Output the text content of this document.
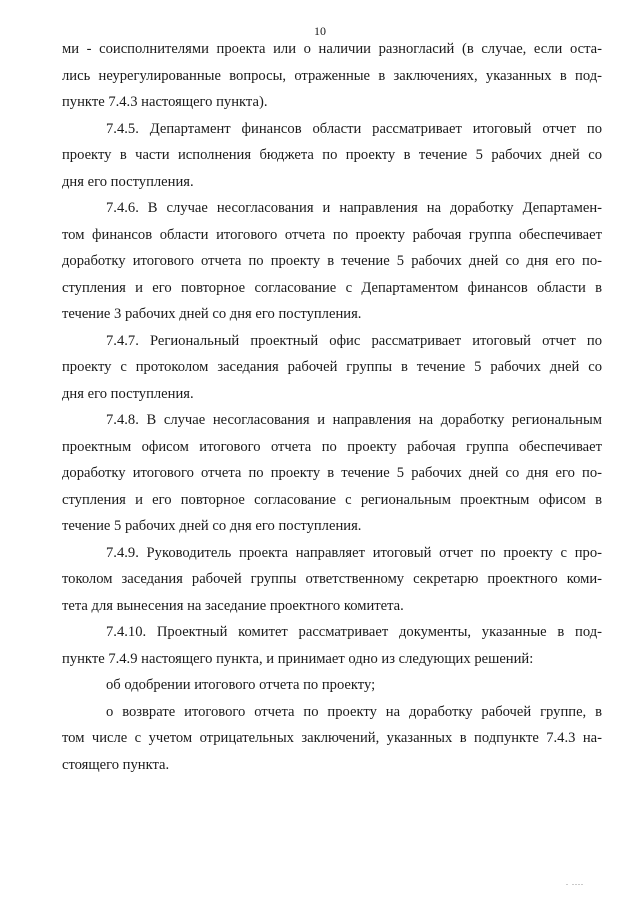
10
ми - соисполнителями проекта или о наличии разногласий (в случае, если оста-
лись неурегулированные вопросы, отраженные в заключениях, указанных в под-
пункте 7.4.3 настоящего пункта).
7.4.5. Департамент финансов области рассматривает итоговый отчет по
проекту в части исполнения бюджета по проекту в течение 5 рабочих дней со
дня его поступления.
7.4.6. В случае несогласования и направления на доработку Департамен-
том финансов области итогового отчета по проекту рабочая группа обеспечивает
доработку итогового отчета по проекту в течение 5 рабочих дней со дня его по-
ступления и его повторное согласование с Департаментом финансов области в
течение 3 рабочих дней со дня его поступления.
7.4.7. Региональный проектный офис рассматривает итоговый отчет по
проекту с протоколом заседания рабочей группы в течение 5 рабочих дней со
дня его поступления.
7.4.8. В случае несогласования и направления на доработку региональным
проектным офисом итогового отчета по проекту рабочая группа обеспечивает
доработку итогового отчета по проекту в течение 5 рабочих дней со дня его по-
ступления и его повторное согласование с региональным проектным офисом в
течение 5 рабочих дней со дня его поступления.
7.4.9. Руководитель проекта направляет итоговый отчет по проекту с про-
токолом заседания рабочей группы ответственному секретарю проектного коми-
тета для вынесения на заседание проектного комитета.
7.4.10. Проектный комитет рассматривает документы, указанные в под-
пункте 7.4.9 настоящего пункта, и принимает одно из следующих решений:
об одобрении итогового отчета по проекту;
о возврате итогового отчета по проекту на доработку рабочей группе, в
том числе с учетом отрицательных заключений, указанных в подпункте 7.4.3 на-
стоящего пункта.
. ....
